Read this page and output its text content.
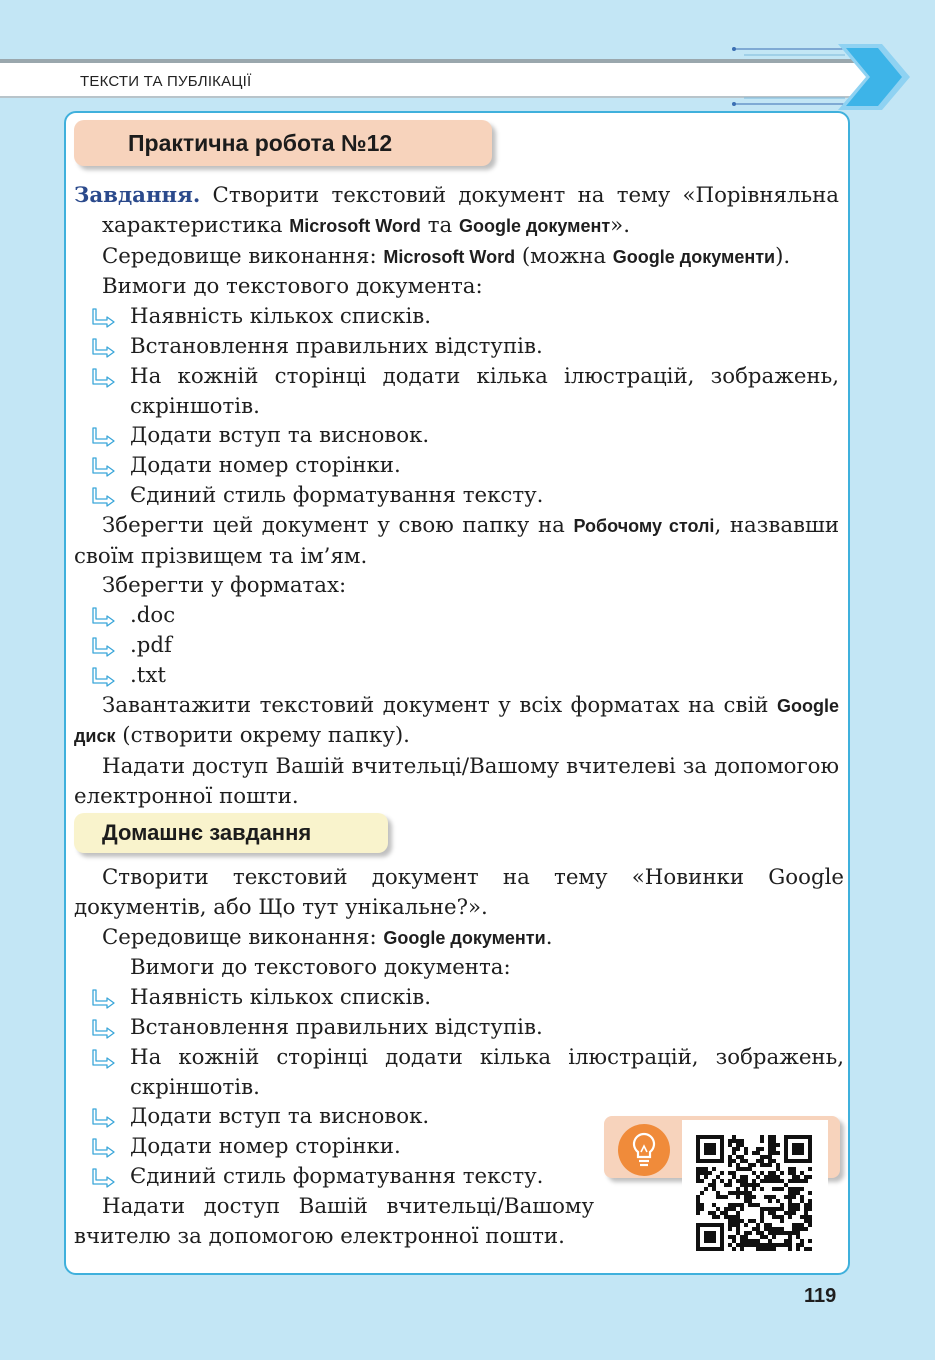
ТЕКСТИ ТА ПУБЛІКАЦІЇ
Практична робота №12

Завдання. Створити текстовий документ на тему «Порівняльна характеристика Microsoft Word та Google документ».

Середовище виконання: Microsoft Word (можна Google документи).

Вимоги до текстового документа:

Наявність кількох списків.
Встановлення правильних відступів.
На кожній сторінці додати кілька ілюстрацій, зображень, скріншотів.
Додати вступ та висновок.
Додати номер сторінки.
Єдиний стиль форматування тексту.

Зберегти цей документ у свою папку на Робочому столі, назвавши своїм прізвищем та ім’ям.

Зберегти у форматах:

.doc
.pdf
.txt

Завантажити текстовий документ у всіх форматах на свій Google диск (створити окрему папку).

Надати доступ Вашій вчительці/Вашому вчителеві за допомогою електронної пошти.

Домашнє завдання

Створити текстовий документ на тему «Новинки Google документів, або Що тут унікальне?».

Середовище виконання: Google документи.

Вимоги до текстового документа:

Наявність кількох списків.
Встановлення правильних відступів.
На кожній сторінці додати кілька ілюстрацій, зображень, скріншотів.
Додати вступ та висновок.
Додати номер сторінки.
Єдиний стиль форматування тексту.

Надати доступ Вашій вчительці/Вашому

вчителю за допомогою електронної пошти.

119
